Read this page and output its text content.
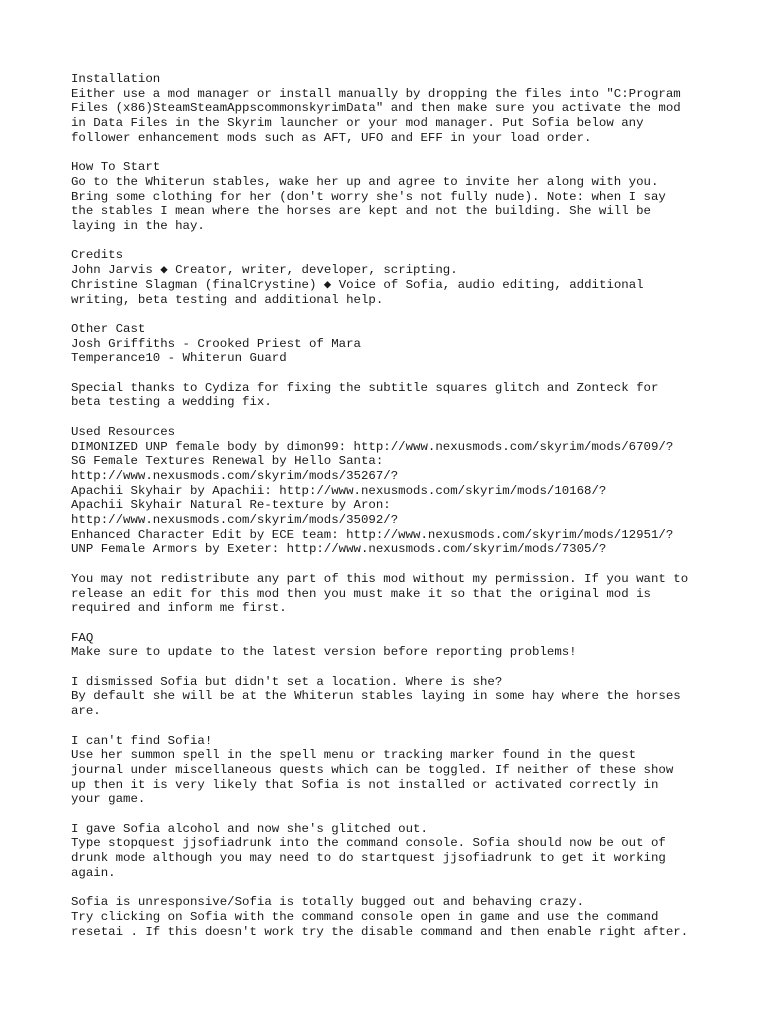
Installation
Either use a mod manager or install manually by dropping the files into "C:Program
Files (x86)SteamSteamAppscommonskyrimData" and then make sure you activate the mod
in Data Files in the Skyrim launcher or your mod manager. Put Sofia below any
follower enhancement mods such as AFT, UFO and EFF in your load order.
How To Start
Go to the Whiterun stables, wake her up and agree to invite her along with you.
Bring some clothing for her (don't worry she's not fully nude). Note: when I say
the stables I mean where the horses are kept and not the building. She will be
laying in the hay.
Credits
John Jarvis ◆ Creator, writer, developer, scripting.
Christine Slagman (finalCrystine) ◆ Voice of Sofia, audio editing, additional
writing, beta testing and additional help.
Other Cast
Josh Griffiths - Crooked Priest of Mara
Temperance10 - Whiterun Guard
Special thanks to Cydiza for fixing the subtitle squares glitch and Zonteck for
beta testing a wedding fix.
Used Resources
DIMONIZED UNP female body by dimon99: http://www.nexusmods.com/skyrim/mods/6709/?
SG Female Textures Renewal by Hello Santa:
http://www.nexusmods.com/skyrim/mods/35267/?
Apachii Skyhair by Apachii: http://www.nexusmods.com/skyrim/mods/10168/?
Apachii Skyhair Natural Re-texture by Aron:
http://www.nexusmods.com/skyrim/mods/35092/?
Enhanced Character Edit by ECE team: http://www.nexusmods.com/skyrim/mods/12951/?
UNP Female Armors by Exeter: http://www.nexusmods.com/skyrim/mods/7305/?
You may not redistribute any part of this mod without my permission. If you want to
release an edit for this mod then you must make it so that the original mod is
required and inform me first.
FAQ
Make sure to update to the latest version before reporting problems!
I dismissed Sofia but didn't set a location. Where is she?
By default she will be at the Whiterun stables laying in some hay where the horses
are.
I can't find Sofia!
Use her summon spell in the spell menu or tracking marker found in the quest
journal under miscellaneous quests which can be toggled. If neither of these show
up then it is very likely that Sofia is not installed or activated correctly in
your game.
I gave Sofia alcohol and now she's glitched out.
Type stopquest jjsofiadrunk into the command console. Sofia should now be out of
drunk mode although you may need to do startquest jjsofiadrunk to get it working
again.
Sofia is unresponsive/Sofia is totally bugged out and behaving crazy.
Try clicking on Sofia with the command console open in game and use the command
resetai . If this doesn't work try the disable command and then enable right after.
